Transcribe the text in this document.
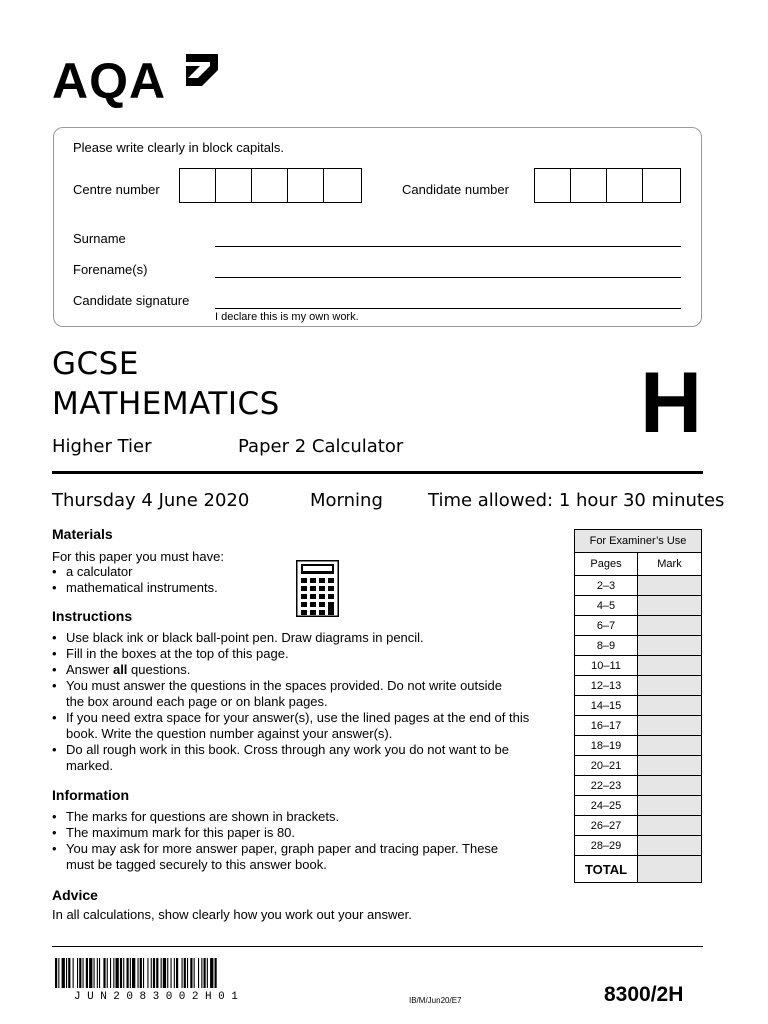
AQA
Please write clearly in block capitals.
Centre number	Candidate number
Surname
Forename(s)
Candidate signature
I declare this is my own work.
GCSE
MATHEMATICS
Higher Tier	Paper 2 Calculator	H
Thursday 4 June 2020	Morning	Time allowed: 1 hour 30 minutes
Materials
For this paper you must have:
• a calculator
• mathematical instruments.
Instructions
• Use black ink or black ball-point pen. Draw diagrams in pencil.
• Fill in the boxes at the top of this page.
• Answer all questions.
• You must answer the questions in the spaces provided. Do not write outside the box around each page or on blank pages.
• If you need extra space for your answer(s), use the lined pages at the end of this book. Write the question number against your answer(s).
• Do all rough work in this book. Cross through any work you do not want to be marked.
Information
• The marks for questions are shown in brackets.
• The maximum mark for this paper is 80.
• You may ask for more answer paper, graph paper and tracing paper. These must be tagged securely to this answer book.
Advice
In all calculations, show clearly how you work out your answer.
For Examiner’s Use	
Pages	Mark
2–3	
4–5	
6–7	
8–9	
10–11	
12–13	
14–15	
16–17	
18–19	
20–21	
22–23	
24–25	
26–27	
28–29	
TOTAL	
JUN2083002H01	IB/M/Jun20/E7	8300/2H
